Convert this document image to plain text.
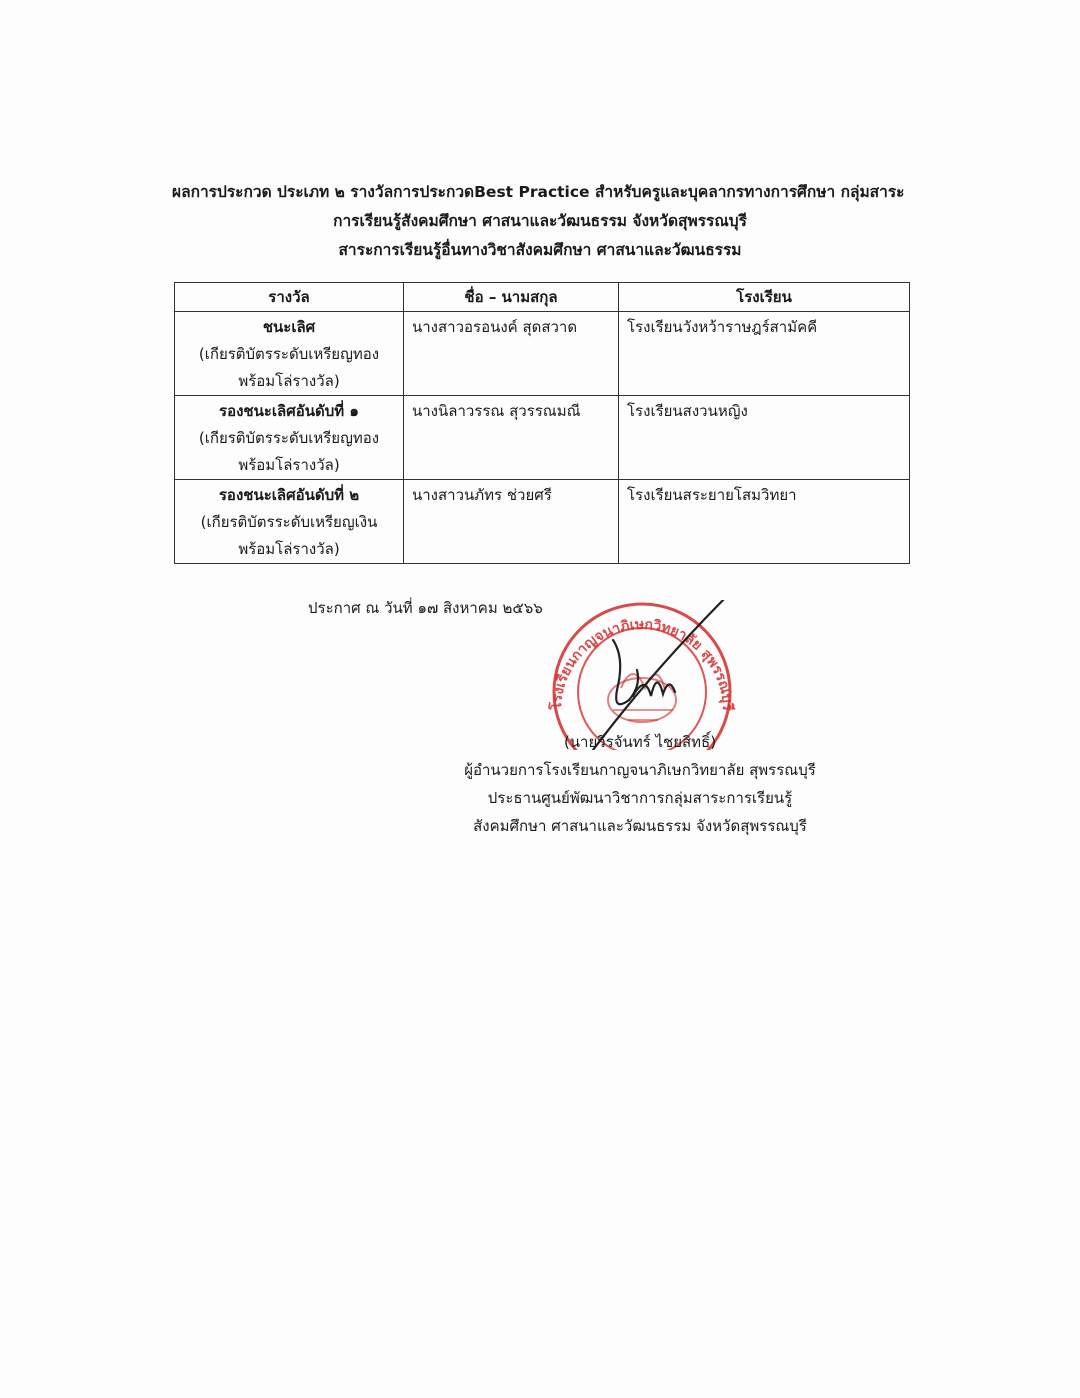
ผลการประกวด ประเภท ๒ รางวัลการประกวดBest Practice สำหรับครูและบุคลากรทางการศึกษา กลุ่มสาระ
การเรียนรู้สังคมศึกษา ศาสนาและวัฒนธรรม จังหวัดสุพรรณบุรี
สาระการเรียนรู้อื่นทางวิชาสังคมศึกษา ศาสนาและวัฒนธรรม
รางวัล	ชื่อ – นามสกุล	โรงเรียน

ชนะเลิศ
(เกียรติบัตรระดับเหรียญทอง
พร้อมโล่รางวัล)	นางสาวอรอนงค์ สุดสวาด	โรงเรียนวังหว้าราษฎร์สามัคคี

รองชนะเลิศอันดับที่ ๑
(เกียรติบัตรระดับเหรียญทอง
พร้อมโล่รางวัล)	นางนิลาวรรณ สุวรรณมณี	โรงเรียนสงวนหญิง

รองชนะเลิศอันดับที่ ๒
(เกียรติบัตรระดับเหรียญเงิน
พร้อมโล่รางวัล)	นางสาวนภัทร ช่วยศรี	โรงเรียนสระยายโสมวิทยา
ประกาศ ณ วันที่ ๑๗ สิงหาคม ๒๕๖๖
โรงเรียนกาญจนาภิเษกวิทยาลัย สุพรรณบุรี
(นายวีรจันทร์ ไชยสิทธิ์)
ผู้อำนวยการโรงเรียนกาญจนาภิเษกวิทยาลัย สุพรรณบุรี
ประธานศูนย์พัฒนาวิชาการกลุ่มสาระการเรียนรู้
สังคมศึกษา ศาสนาและวัฒนธรรม จังหวัดสุพรรณบุรี
